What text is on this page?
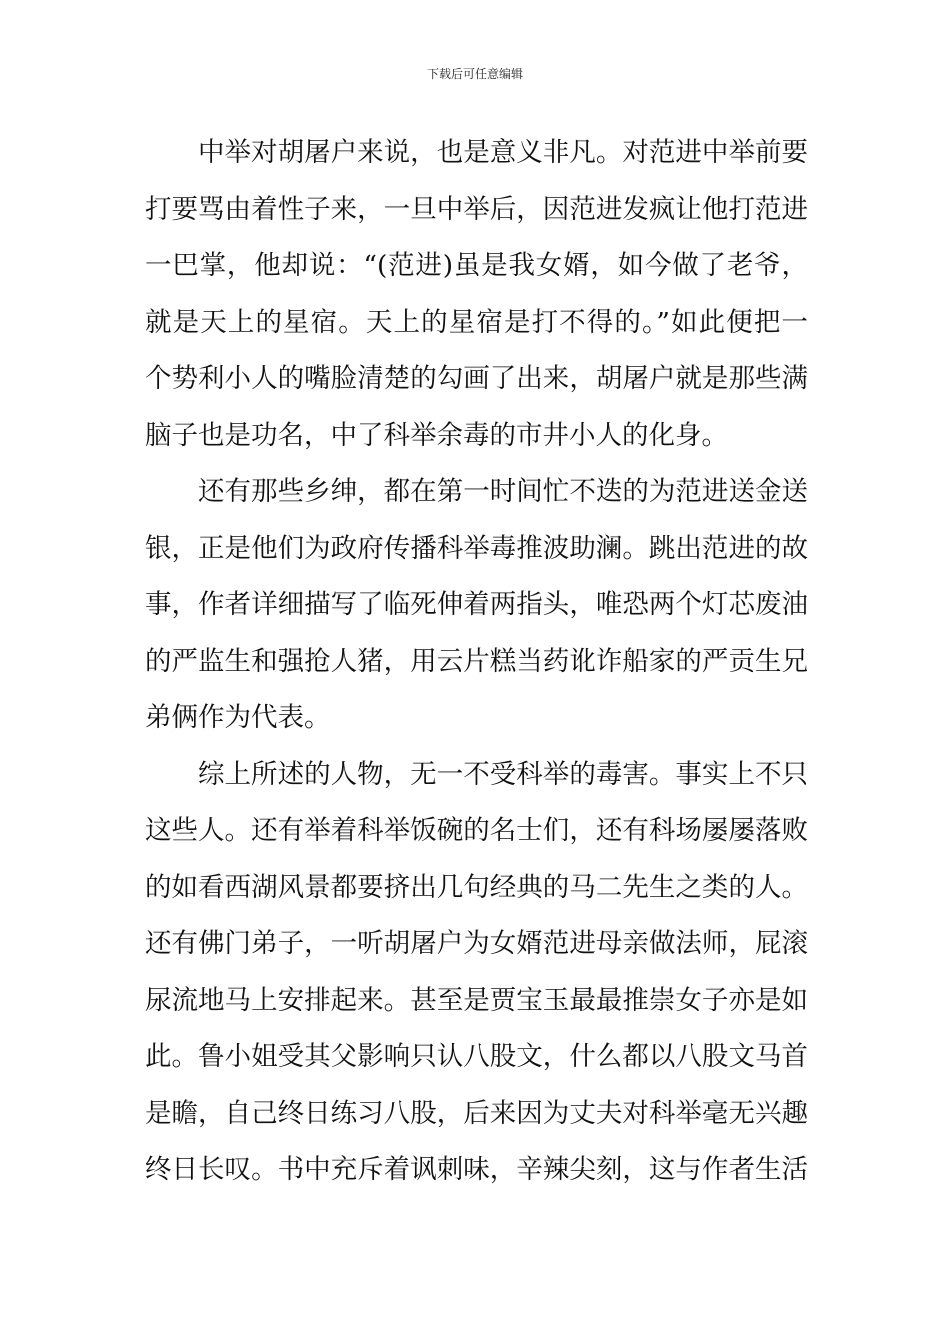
下载后可任意编辑
中举对胡屠户来说，也是意义非凡。对范进中举前要
打要骂由着性子来，一旦中举后，因范进发疯让他打范进
一巴掌，他却说：“(范进)虽是我女婿，如今做了老爷，
就是天上的星宿。天上的星宿是打不得的。”如此便把一
个势利小人的嘴脸清楚的勾画了出来，胡屠户就是那些满
脑子也是功名，中了科举余毒的市井小人的化身。
还有那些乡绅，都在第一时间忙不迭的为范进送金送
银，正是他们为政府传播科举毒推波助澜。跳出范进的故
事，作者详细描写了临死伸着两指头，唯恐两个灯芯废油
的严监生和强抢人猪，用云片糕当药讹诈船家的严贡生兄
弟俩作为代表。
综上所述的人物，无一不受科举的毒害。事实上不只
这些人。还有举着科举饭碗的名士们，还有科场屡屡落败
的如看西湖风景都要挤出几句经典的马二先生之类的人。
还有佛门弟子，一听胡屠户为女婿范进母亲做法师，屁滚
尿流地马上安排起来。甚至是贾宝玉最最推崇女子亦是如
此。鲁小姐受其父影响只认八股文，什么都以八股文马首
是瞻，自己终日练习八股，后来因为丈夫对科举毫无兴趣
终日长叹。书中充斥着讽刺味，辛辣尖刻，这与作者生活
